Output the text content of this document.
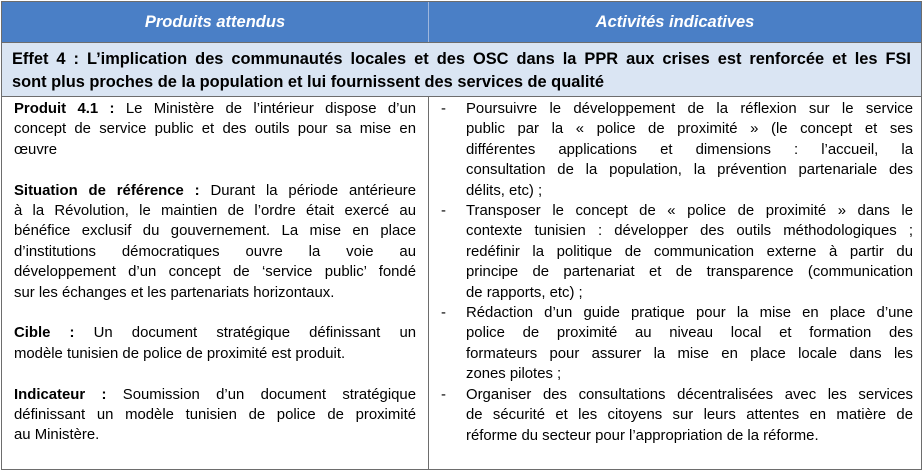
Produits attendus	Activités indicatives
Effet 4 : L’implication des communautés locales et des OSC dans la PPR aux crises est renforcée et les FSI
sont plus proches de la population et lui fournissent des services de qualité
Produit 4.1 : Le Ministère de l’intérieur dispose d’un
concept de service public et des outils pour sa mise en
œuvre
Situation de référence : Durant la période antérieure
à la Révolution, le maintien de l’ordre était exercé au
bénéfice exclusif du gouvernement. La mise en place
d’institutions démocratiques ouvre la voie au
développement d’un concept de ‘service public’ fondé
sur les échanges et les partenariats horizontaux.
Cible : Un document stratégique définissant un
modèle tunisien de police de proximité est produit.
Indicateur : Soumission d’un document stratégique
définissant un modèle tunisien de police de proximité
au Ministère.
- Poursuivre le développement de la réflexion sur le service
public par la « police de proximité » (le concept et ses
différentes applications et dimensions : l’accueil, la
consultation de la population, la prévention partenariale des
délits, etc) ;
- Transposer le concept de « police de proximité » dans le
contexte tunisien : développer des outils méthodologiques ;
redéfinir la politique de communication externe à partir du
principe de partenariat et de transparence (communication
de rapports, etc) ;
- Rédaction d’un guide pratique pour la mise en place d’une
police de proximité au niveau local et formation des
formateurs pour assurer la mise en place locale dans les
zones pilotes ;
- Organiser des consultations décentralisées avec les services
de sécurité et les citoyens sur leurs attentes en matière de
réforme du secteur pour l’appropriation de la réforme.
